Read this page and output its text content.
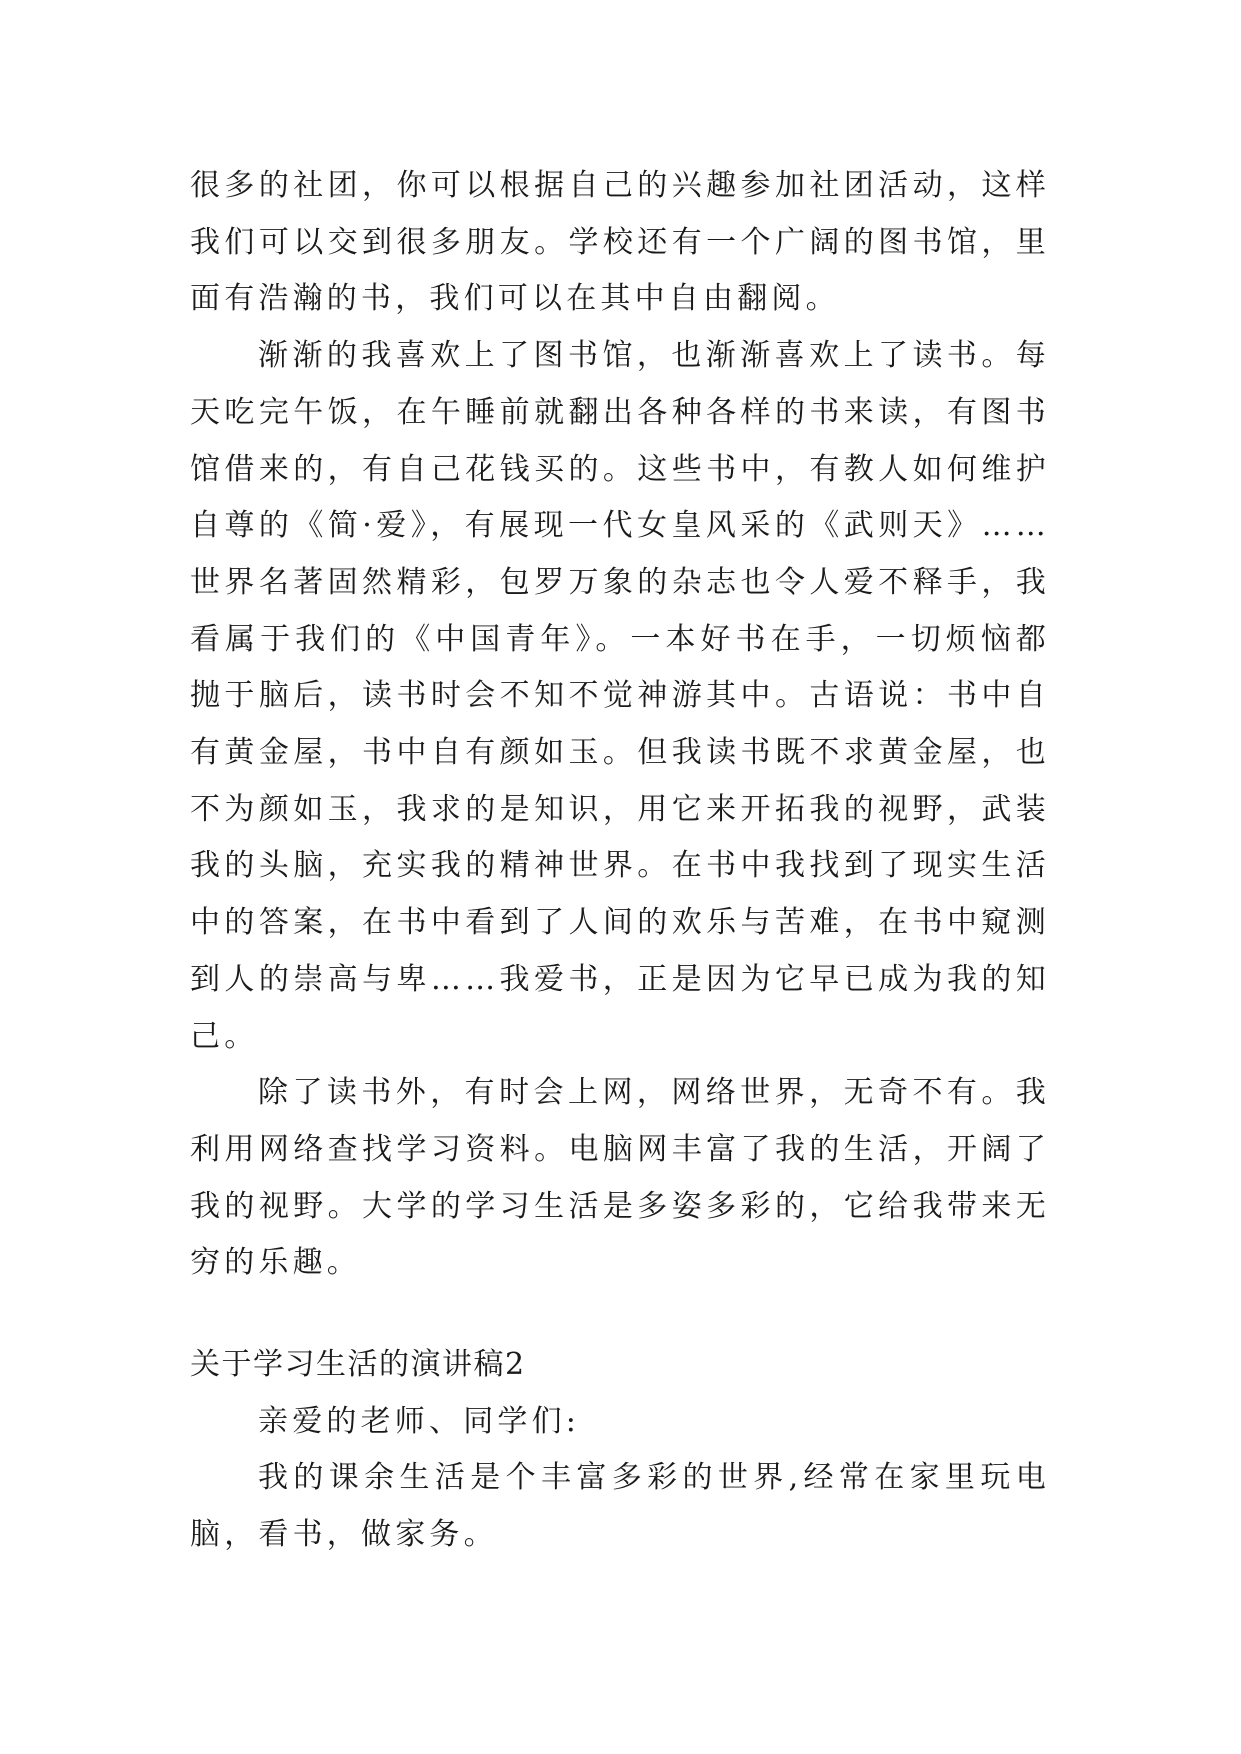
很多的社团，你可以根据自己的兴趣参加社团活动，这样我们可以交到很多朋友。学校还有一个广阔的图书馆，里面有浩瀚的书，我们可以在其中自由翻阅。

渐渐的我喜欢上了图书馆，也渐渐喜欢上了读书。每天吃完午饭，在午睡前就翻出各种各样的书来读，有图书馆借来的，有自己花钱买的。这些书中，有教人如何维护自尊的《简·爱》，有展现一代女皇风采的《武则天》……世界名著固然精彩，包罗万象的杂志也令人爱不释手，我看属于我们的《中国青年》。一本好书在手，一切烦恼都抛于脑后，读书时会不知不觉神游其中。古语说：书中自有黄金屋，书中自有颜如玉。但我读书既不求黄金屋，也不为颜如玉，我求的是知识，用它来开拓我的视野，武装我的头脑，充实我的精神世界。在书中我找到了现实生活中的答案，在书中看到了人间的欢乐与苦难，在书中窥测到人的崇高与卑……我爱书，正是因为它早已成为我的知己。

除了读书外，有时会上网，网络世界，无奇不有。我利用网络查找学习资料。电脑网丰富了我的生活，开阔了我的视野。大学的学习生活是多姿多彩的，它给我带来无穷的乐趣。

关于学习生活的演讲稿2

亲爱的老师、同学们:

我的课余生活是个丰富多彩的世界,经常在家里玩电脑，看书，做家务。
